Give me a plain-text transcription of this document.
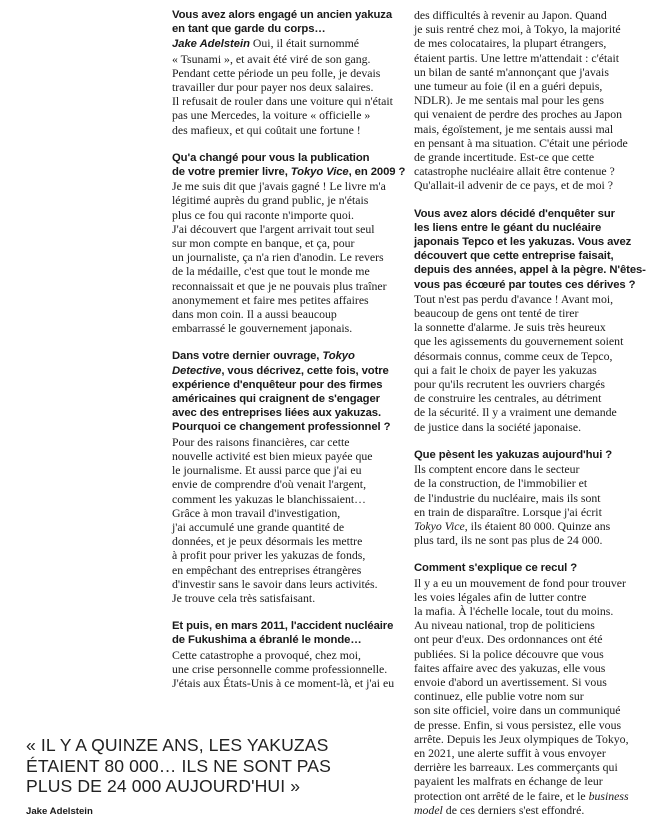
Vous avez alors engagé un ancien yakuza
en tant que garde du corps…

Jake Adelstein Oui, il était surnommé
« Tsunami », et avait été viré de son gang.
Pendant cette période un peu folle, je devais
travailler dur pour payer nos deux salaires.
Il refusait de rouler dans une voiture qui n'était
pas une Mercedes, la voiture « officielle »
des mafieux, et qui coûtait une fortune !

Qu'a changé pour vous la publication
de votre premier livre, Tokyo Vice, en 2009 ?

Je me suis dit que j'avais gagné ! Le livre m'a
légitimé auprès du grand public, je n'étais
plus ce fou qui raconte n'importe quoi.
J'ai découvert que l'argent arrivait tout seul
sur mon compte en banque, et ça, pour
un journaliste, ça n'a rien d'anodin. Le revers
de la médaille, c'est que tout le monde me
reconnaissait et que je ne pouvais plus traîner
anonymement et faire mes petites affaires
dans mon coin. Il a aussi beaucoup
embarrassé le gouvernement japonais.

Dans votre dernier ouvrage, Tokyo
Detective, vous décrivez, cette fois, votre
expérience d'enquêteur pour des firmes
américaines qui craignent de s'engager
avec des entreprises liées aux yakuzas.
Pourquoi ce changement professionnel ?

Pour des raisons financières, car cette
nouvelle activité est bien mieux payée que
le journalisme. Et aussi parce que j'ai eu
envie de comprendre d'où venait l'argent,
comment les yakuzas le blanchissaient…
Grâce à mon travail d'investigation,
j'ai accumulé une grande quantité de
données, et je peux désormais les mettre
à profit pour priver les yakuzas de fonds,
en empêchant des entreprises étrangères
d'investir sans le savoir dans leurs activités.
Je trouve cela très satisfaisant.

Et puis, en mars 2011, l'accident nucléaire
de Fukushima a ébranlé le monde…

Cette catastrophe a provoqué, chez moi,
une crise personnelle comme professionnelle.
J'étais aux États-Unis à ce moment-là, et j'ai eu

des difficultés à revenir au Japon. Quand
je suis rentré chez moi, à Tokyo, la majorité
de mes colocataires, la plupart étrangers,
étaient partis. Une lettre m'attendait : c'était
un bilan de santé m'annonçant que j'avais
une tumeur au foie (il en a guéri depuis,
NDLR). Je me sentais mal pour les gens
qui venaient de perdre des proches au Japon
mais, égoïstement, je me sentais aussi mal
en pensant à ma situation. C'était une période
de grande incertitude. Est-ce que cette
catastrophe nucléaire allait être contenue ?
Qu'allait-il advenir de ce pays, et de moi ?

Vous avez alors décidé d'enquêter sur
les liens entre le géant du nucléaire
japonais Tepco et les yakuzas. Vous avez
découvert que cette entreprise faisait,
depuis des années, appel à la pègre. N'êtes-
vous pas écœuré par toutes ces dérives ?

Tout n'est pas perdu d'avance ! Avant moi,
beaucoup de gens ont tenté de tirer
la sonnette d'alarme. Je suis très heureux
que les agissements du gouvernement soient
désormais connus, comme ceux de Tepco,
qui a fait le choix de payer les yakuzas
pour qu'ils recrutent les ouvriers chargés
de construire les centrales, au détriment
de la sécurité. Il y a vraiment une demande
de justice dans la société japonaise.

Que pèsent les yakuzas aujourd'hui ?

Ils comptent encore dans le secteur
de la construction, de l'immobilier et
de l'industrie du nucléaire, mais ils sont
en train de disparaître. Lorsque j'ai écrit
Tokyo Vice, ils étaient 80 000. Quinze ans
plus tard, ils ne sont pas plus de 24 000.

Comment s'explique ce recul ?

Il y a eu un mouvement de fond pour trouver
les voies légales afin de lutter contre
la mafia. À l'échelle locale, tout du moins.
Au niveau national, trop de politiciens
ont peur d'eux. Des ordonnances ont été
publiées. Si la police découvre que vous
faites affaire avec des yakuzas, elle vous
envoie d'abord un avertissement. Si vous
continuez, elle publie votre nom sur
son site officiel, voire dans un communiqué
de presse. Enfin, si vous persistez, elle vous
arrête. Depuis les Jeux olympiques de Tokyo,
en 2021, une alerte suffit à vous envoyer
derrière les barreaux. Les commerçants qui
payaient les malfrats en échange de leur
protection ont arrêté de le faire, et le business
model de ces derniers s'est effondré.

« IL Y A QUINZE ANS, LES YAKUZAS
ÉTAIENT 80 000… ILS NE SONT PAS
PLUS DE 24 000 AUJOURD'HUI »
Jake Adelstein
